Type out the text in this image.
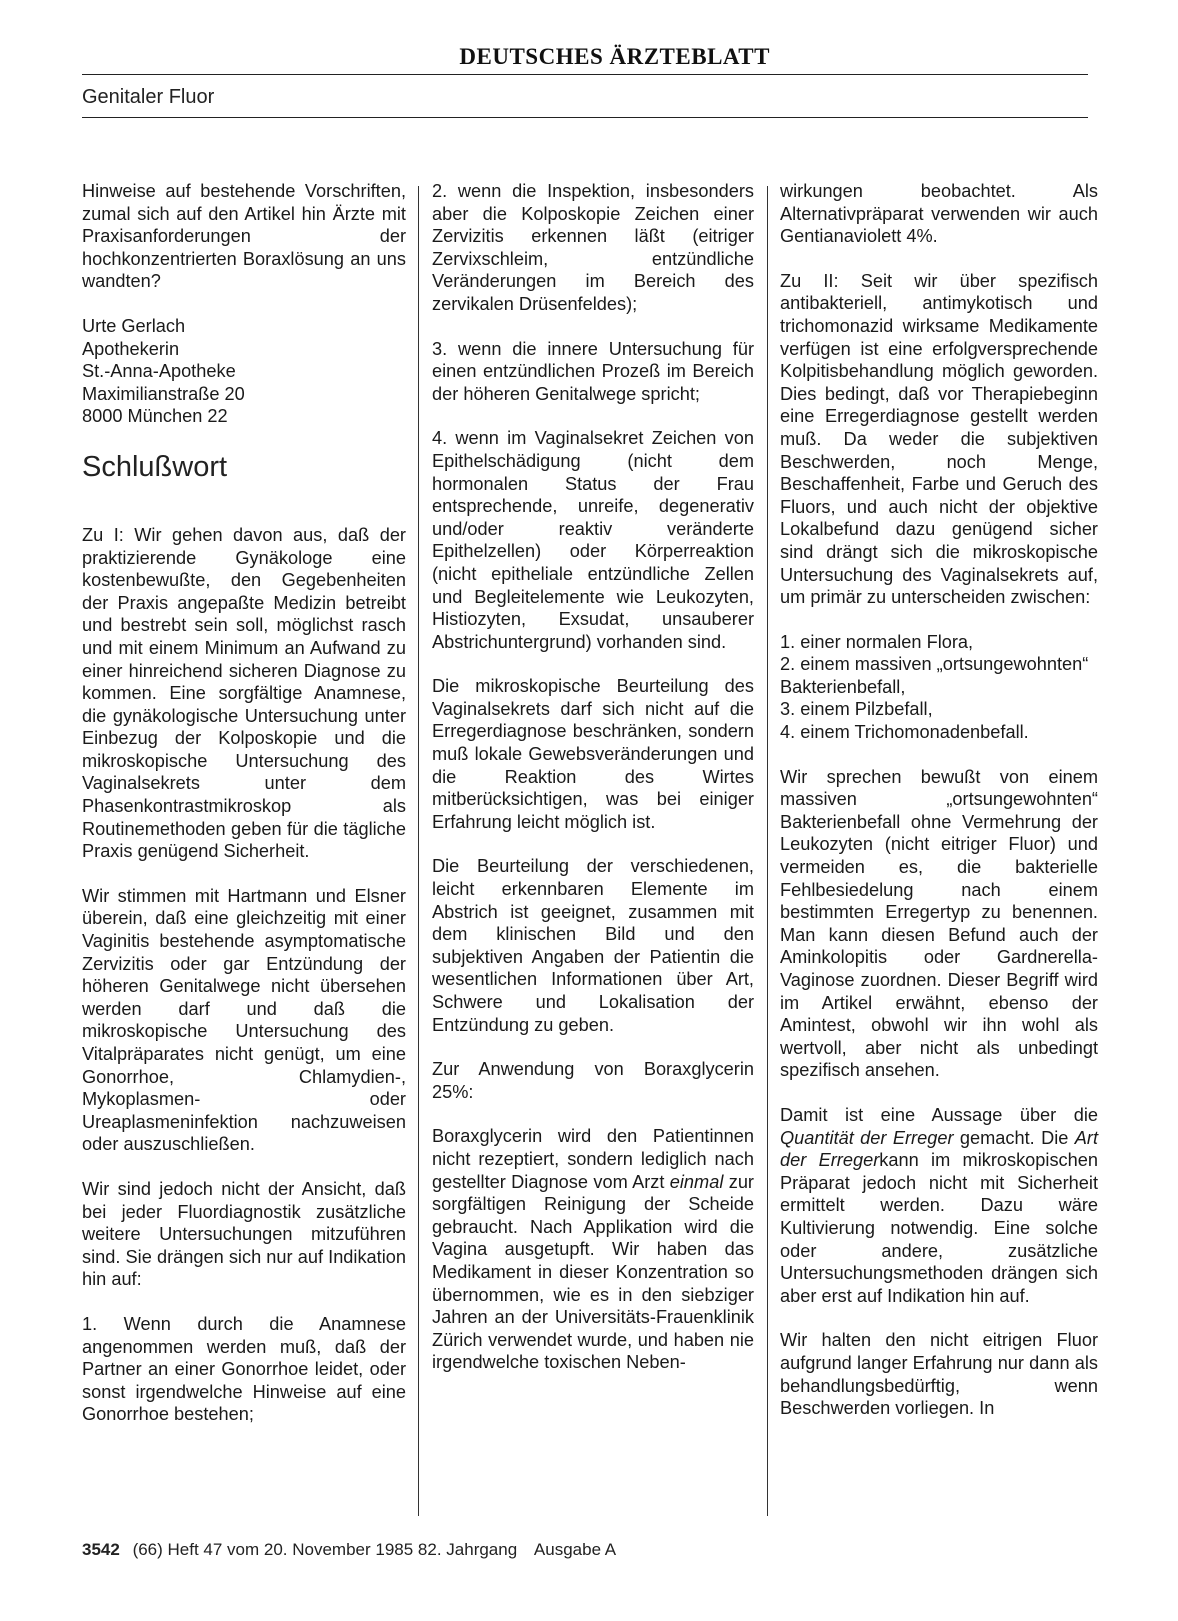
DEUTSCHES ÄRZTEBLATT
Genitaler Fluor

Hinweise auf bestehende Vorschriften, zumal sich auf den Artikel hin Ärzte mit Praxisanforderungen der hochkonzentrierten Boraxlösung an uns wandten?

Urte Gerlach
Apothekerin
St.-Anna-Apotheke
Maximilianstraße 20
8000 München 22
Schlußwort

Zu I: Wir gehen davon aus, daß der praktizierende Gynäkologe eine kostenbewußte, den Gegebenheiten der Praxis angepaßte Medizin betreibt und bestrebt sein soll, möglichst rasch und mit einem Minimum an Aufwand zu einer hinreichend sicheren Diagnose zu kommen. Eine sorgfältige Anamnese, die gynäkologische Untersuchung unter Einbezug der Kolposkopie und die mikroskopische Untersuchung des Vaginalsekrets unter dem Phasenkontrastmikroskop als Routinemethoden geben für die tägliche Praxis genügend Sicherheit.

Wir stimmen mit Hartmann und Elsner überein, daß eine gleichzeitig mit einer Vaginitis bestehende asymptomatische Zervizitis oder gar Entzündung der höheren Genitalwege nicht übersehen werden darf und daß die mikroskopische Untersuchung des Vitalpräparates nicht genügt, um eine Gonorrhoe, Chlamydien-, Mykoplasmen- oder Ureaplasmeninfektion nachzuweisen oder auszuschließen.

Wir sind jedoch nicht der Ansicht, daß bei jeder Fluordiagnostik zusätzliche weitere Untersuchungen mitzuführen sind. Sie drängen sich nur auf Indikation hin auf:

1. Wenn durch die Anamnese angenommen werden muß, daß der Partner an einer Gonorrhoe leidet, oder sonst irgendwelche Hinweise auf eine Gonorrhoe bestehen;

2. wenn die Inspektion, insbesonders aber die Kolposkopie Zeichen einer Zervizitis erkennen läßt (eitriger Zervixschleim, entzündliche Veränderungen im Bereich des zervikalen Drüsenfeldes);

3. wenn die innere Untersuchung für einen entzündlichen Prozeß im Bereich der höheren Genitalwege spricht;

4. wenn im Vaginalsekret Zeichen von Epithelschädigung (nicht dem hormonalen Status der Frau entsprechende, unreife, degenerativ und/oder reaktiv veränderte Epithelzellen) oder Körperreaktion (nicht epitheliale entzündliche Zellen und Begleitelemente wie Leukozyten, Histiozyten, Exsudat, unsauberer Abstrichuntergrund) vorhanden sind.

Die mikroskopische Beurteilung des Vaginalsekrets darf sich nicht auf die Erregerdiagnose beschränken, sondern muß lokale Gewebsveränderungen und die Reaktion des Wirtes mitberücksichtigen, was bei einiger Erfahrung leicht möglich ist.

Die Beurteilung der verschiedenen, leicht erkennbaren Elemente im Abstrich ist geeignet, zusammen mit dem klinischen Bild und den subjektiven Angaben der Patientin die wesentlichen Informationen über Art, Schwere und Lokalisation der Entzündung zu geben.

Zur Anwendung von Boraxglycerin 25%:

Boraxglycerin wird den Patientinnen nicht rezeptiert, sondern lediglich nach gestellter Diagnose vom Arzt einmal zur sorgfältigen Reinigung der Scheide gebraucht. Nach Applikation wird die Vagina ausgetupft. Wir haben das Medikament in dieser Konzentration so übernommen, wie es in den siebziger Jahren an der Universitäts-Frauenklinik Zürich verwendet wurde, und haben nie irgendwelche toxischen Neben-

wirkungen beobachtet. Als Alternativpräparat verwenden wir auch Gentianaviolett 4%.

Zu II: Seit wir über spezifisch antibakteriell, antimykotisch und trichomonazid wirksame Medikamente verfügen ist eine erfolgversprechende Kolpitisbehandlung möglich geworden. Dies bedingt, daß vor Therapiebeginn eine Erregerdiagnose gestellt werden muß. Da weder die subjektiven Beschwerden, noch Menge, Beschaffenheit, Farbe und Geruch des Fluors, und auch nicht der objektive Lokalbefund dazu genügend sicher sind drängt sich die mikroskopische Untersuchung des Vaginalsekrets auf, um primär zu unterscheiden zwischen:

1. einer normalen Flora,
2. einem massiven „ortsungewohnten“ Bakterienbefall,
3. einem Pilzbefall,
4. einem Trichomonadenbefall.

Wir sprechen bewußt von einem massiven „ortsungewohnten“ Bakterienbefall ohne Vermehrung der Leukozyten (nicht eitriger Fluor) und vermeiden es, die bakterielle Fehlbesiedelung nach einem bestimmten Erregertyp zu benennen. Man kann diesen Befund auch der Aminkolopitis oder Gardnerella-Vaginose zuordnen. Dieser Begriff wird im Artikel erwähnt, ebenso der Amintest, obwohl wir ihn wohl als wertvoll, aber nicht als unbedingt spezifisch ansehen.

Damit ist eine Aussage über die Quantität der Erreger gemacht. Die Art der Erregerkann im mikroskopischen Präparat jedoch nicht mit Sicherheit ermittelt werden. Dazu wäre Kultivierung notwendig. Eine solche oder andere, zusätzliche Untersuchungsmethoden drängen sich aber erst auf Indikation hin auf.

Wir halten den nicht eitrigen Fluor aufgrund langer Erfahrung nur dann als behandlungsbedürftig, wenn Beschwerden vorliegen. In

3542 (66) Heft 47 vom 20. November 1985 82. Jahrgang Ausgabe A
